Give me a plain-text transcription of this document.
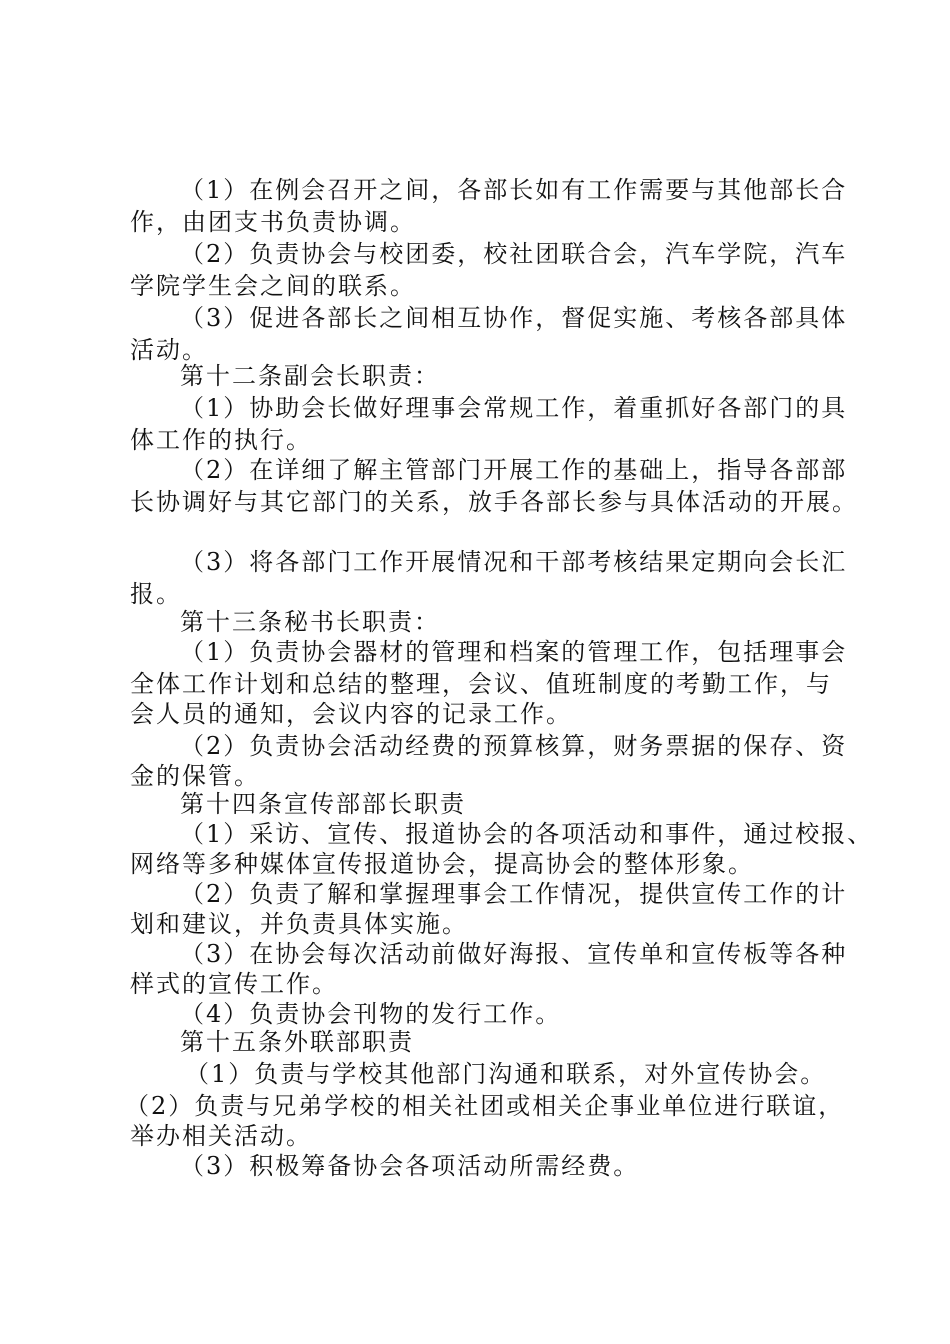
（1）在例会召开之间，各部长如有工作需要与其他部长合
作，由团支书负责协调。
（2）负责协会与校团委，校社团联合会，汽车学院，汽车
学院学生会之间的联系。
（3）促进各部长之间相互协作，督促实施、考核各部具体
活动。
第十二条副会长职责：
（1）协助会长做好理事会常规工作，着重抓好各部门的具
体工作的执行。
（2）在详细了解主管部门开展工作的基础上，指导各部部
长协调好与其它部门的关系，放手各部长参与具体活动的开展。
（3）将各部门工作开展情况和干部考核结果定期向会长汇
报。
第十三条秘书长职责：
（1）负责协会器材的管理和档案的管理工作，包括理事会
全体工作计划和总结的整理，会议、值班制度的考勤工作，与
会人员的通知，会议内容的记录工作。
（2）负责协会活动经费的预算核算，财务票据的保存、资
金的保管。
第十四条宣传部部长职责
（1）采访、宣传、报道协会的各项活动和事件，通过校报、
网络等多种媒体宣传报道协会，提高协会的整体形象。
（2）负责了解和掌握理事会工作情况，提供宣传工作的计
划和建议，并负责具体实施。
（3）在协会每次活动前做好海报、宣传单和宣传板等各种
样式的宣传工作。
（4）负责协会刊物的发行工作。
第十五条外联部职责
（1）负责与学校其他部门沟通和联系，对外宣传协会。
（2）负责与兄弟学校的相关社团或相关企事业单位进行联谊，
举办相关活动。
（3）积极筹备协会各项活动所需经费。
